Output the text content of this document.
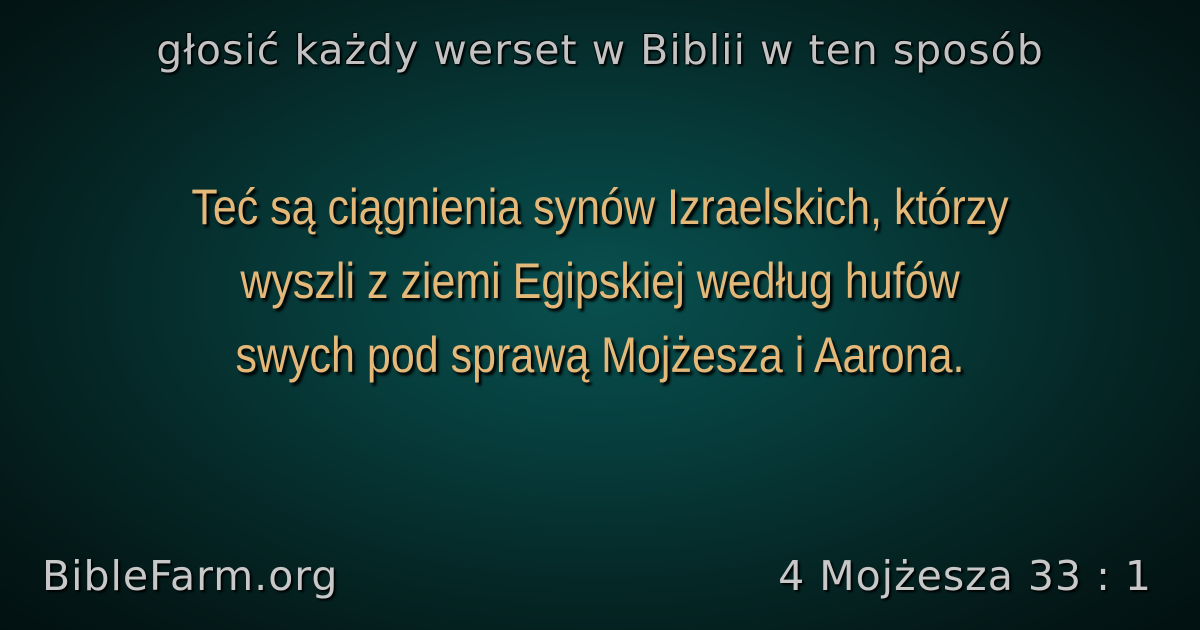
głosić każdy werset w Biblii w ten sposób
Teć są ciągnienia synów Izraelskich, którzy
wyszli z ziemi Egipskiej według hufów
swych pod sprawą Mojżesza i Aarona.
BibleFarm.org	4 Mojżesza 33 : 1
